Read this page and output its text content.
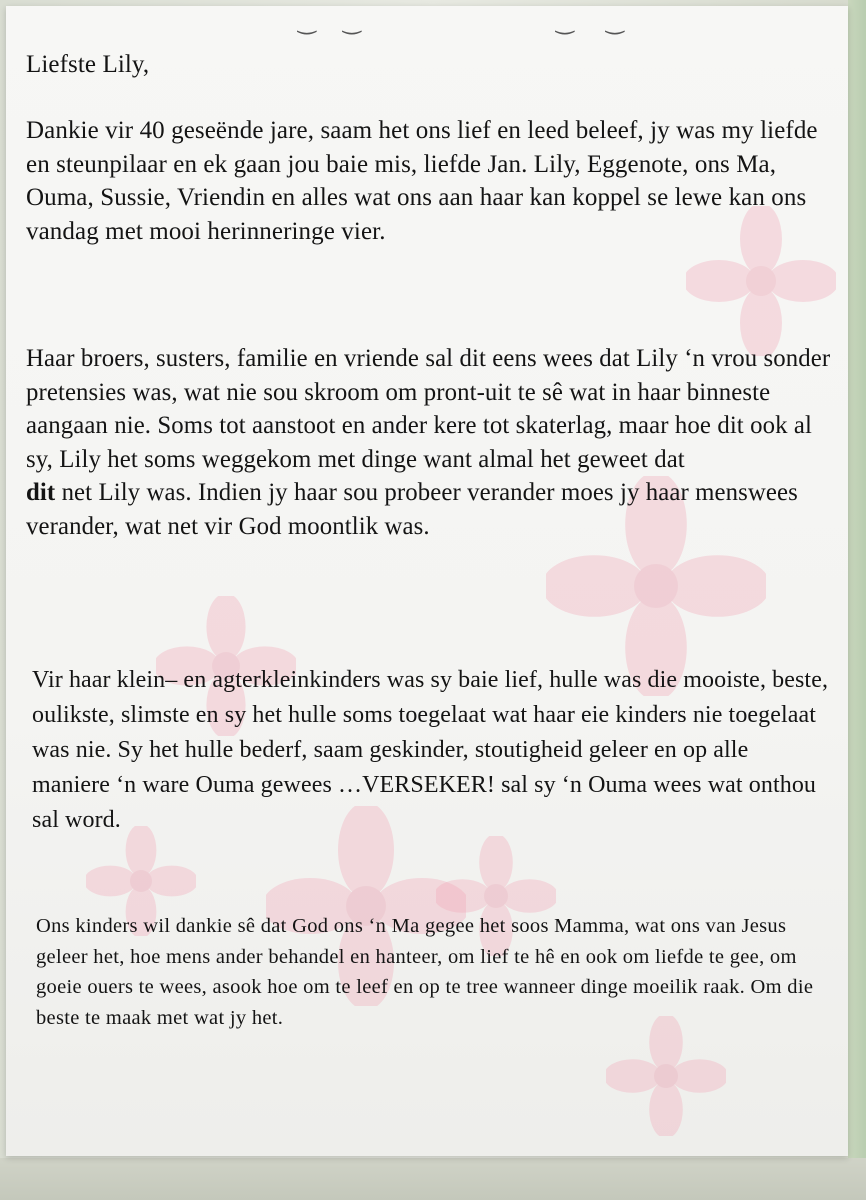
Liefste Lily,

Dankie vir 40 geseënde jare, saam het ons lief en leed beleef, jy was my liefde en steunpilaar en ek gaan jou baie mis, liefde Jan. Lily, Eggenote, ons Ma, Ouma, Sussie, Vriendin en alles wat ons aan haar kan koppel se lewe kan ons vandag met mooi herinneringe vier.

Haar broers, susters, familie en vriende sal dit eens wees dat Lily ‘n vrou sonder pretensies was, wat nie sou skroom om pront-uit te sê wat in haar binneste aangaan nie. Soms tot aanstoot en ander kere tot skaterlag, maar hoe dit ook al sy, Lily het soms weggekom met dinge want almal het geweet dat
dit net Lily was. Indien jy haar sou probeer verander moes jy haar menswees verander, wat net vir God moontlik was.

Vir haar klein– en agterkleinkinders was sy baie lief, hulle was die mooiste, beste, oulikste, slimste en sy het hulle soms toegelaat wat haar eie kinders nie toegelaat was nie. Sy het hulle bederf, saam geskinder, stoutigheid geleer en op alle maniere ‘n ware Ouma gewees …VERSEKER! sal sy ‘n Ouma wees wat onthou sal word.

Ons kinders wil dankie sê dat God ons ‘n Ma gegee het soos Mamma, wat ons van Jesus geleer het, hoe mens ander behandel en hanteer, om lief te hê en ook om liefde te gee, om goeie ouers te wees, asook hoe om te leef en op te tree wanneer dinge moeilik raak. Om die beste te maak met wat jy het.

‿ ‿	‿ ‿
